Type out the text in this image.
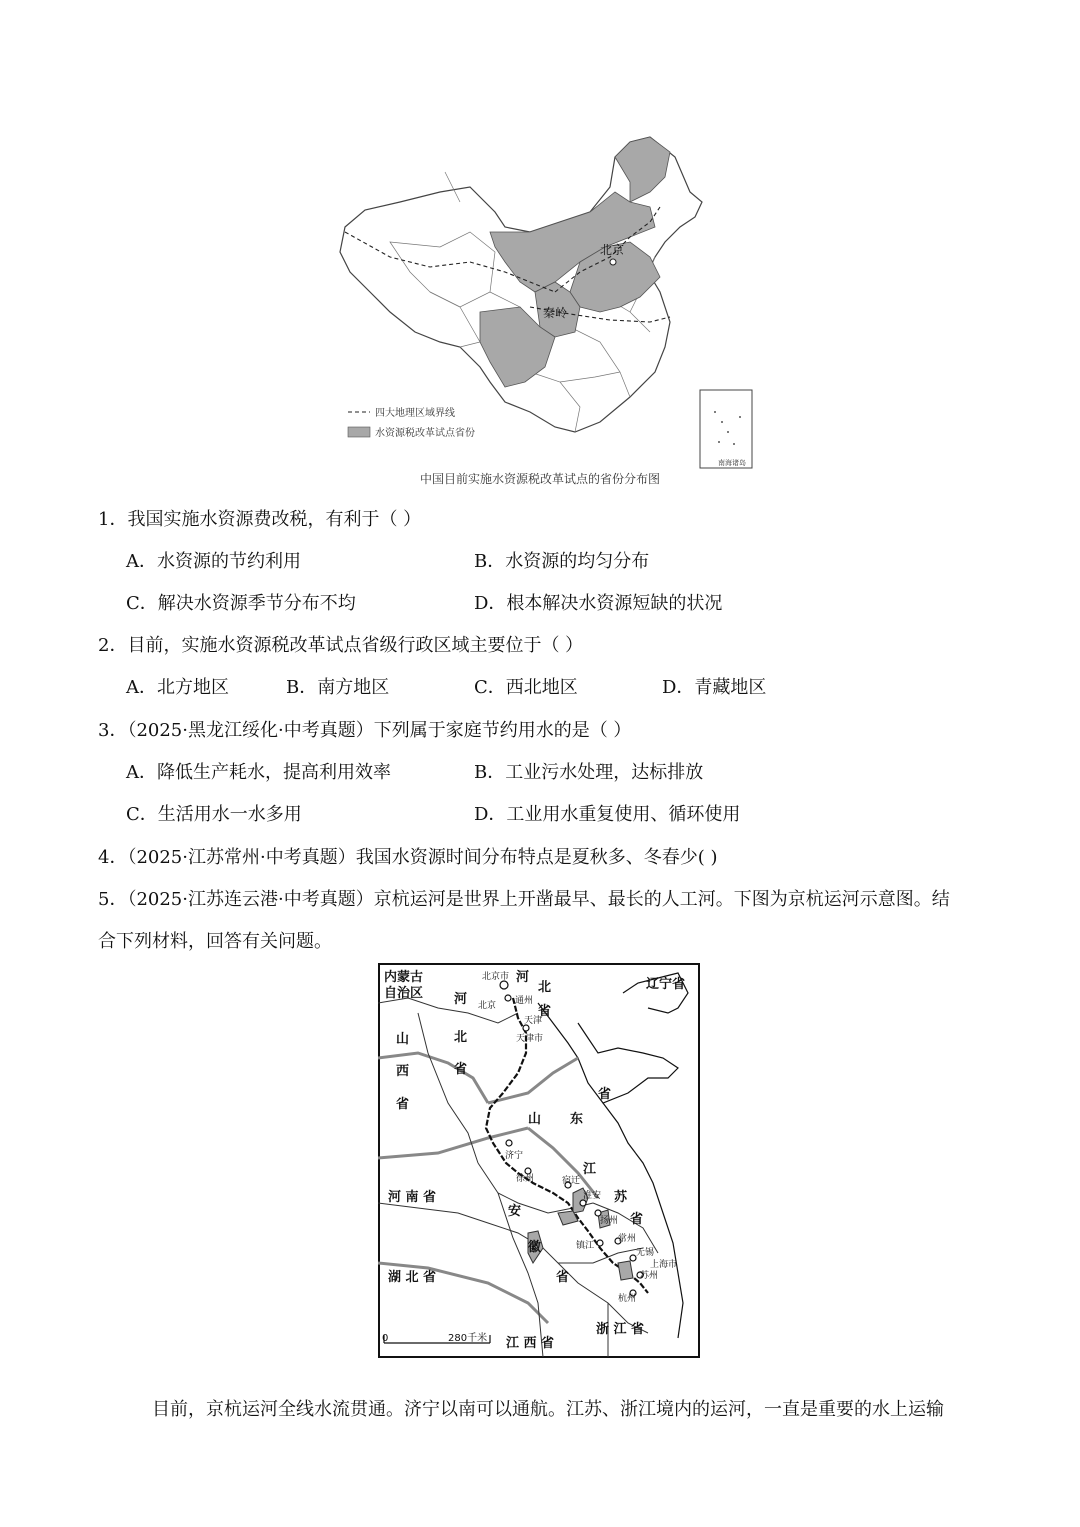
北京
秦岭
南海诸岛
四大地理区域界线
水资源税改革试点省份
中国目前实施水资源税改革试点的省份分布图
1．我国实施水资源费改税，有利于（ ）
A．水资源的节约利用	B．水资源的均匀分布
C．解决水资源季节分布不均	D．根本解决水资源短缺的状况
2．目前，实施水资源税改革试点省级行政区域主要位于（ ）
A．北方地区	B．南方地区	C．西北地区	D．青藏地区
3．（2025·黑龙江绥化·中考真题）下列属于家庭节约用水的是（ ）
A．降低生产耗水，提高利用效率	B．工业污水处理，达标排放
C．生活用水一水多用	D．工业用水重复使用、循环使用
4．（2025·江苏常州·中考真题）我国水资源时间分布特点是夏秋多、冬春少( )
5．（2025·江苏连云港·中考真题）京杭运河是世界上开凿最早、最长的人工河。下图为京杭运河示意图。结
合下列材料，回答有关问题。
内蒙古
自治区
河
北
省
辽宁省
河
北
省
山
西
省
省
山 东
江
苏
河 南 省
安
徽
省
省
湖 北 省
江 西 省
浙 江 省
北京市
北京 通州
天津
天津市
济宁
徐州	宿迁
淮安
扬州
常州
镇江
无锡
上海市
苏州
杭州
0	280千米
目前，京杭运河全线水流贯通。济宁以南可以通航。江苏、浙江境内的运河，一直是重要的水上运输
